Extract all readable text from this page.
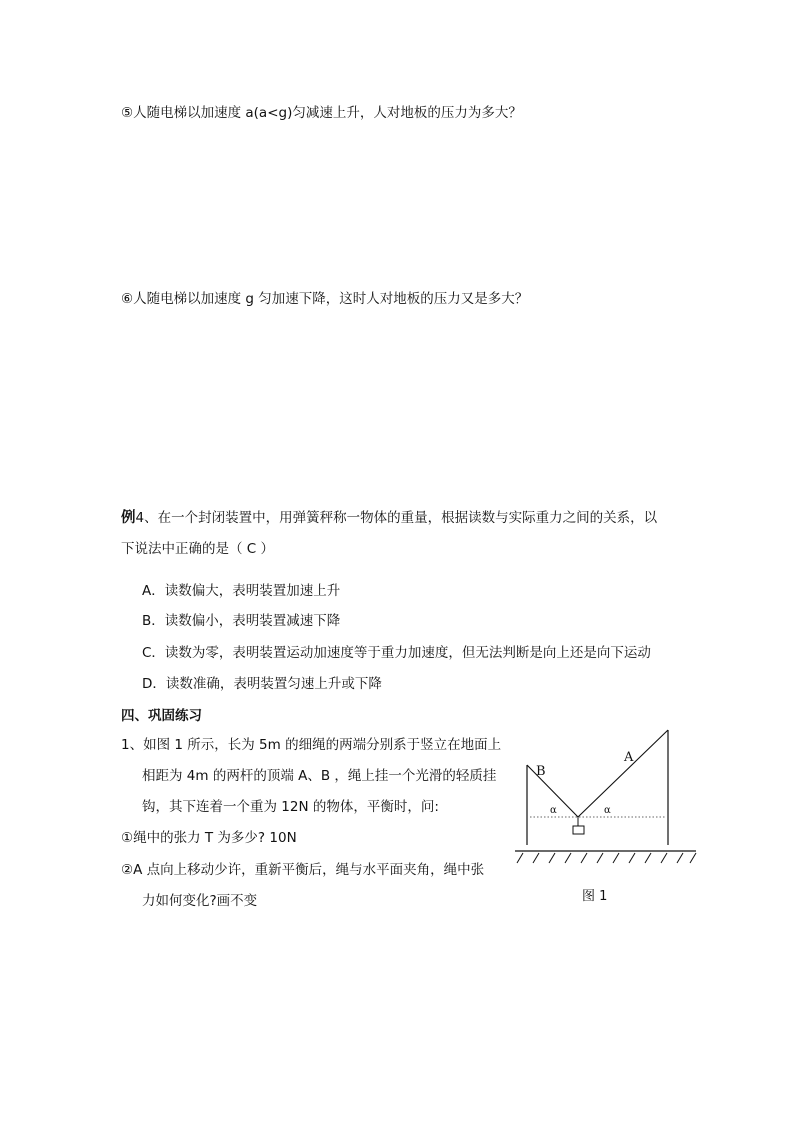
⑤人随电梯以加速度 a(a<g)匀减速上升，人对地板的压力为多大？
⑥人随电梯以加速度 g 匀加速下降，这时人对地板的压力又是多大？
例4、在一个封闭装置中，用弹簧秤称一物体的重量，根据读数与实际重力之间的关系，以
下说法中正确的是（ C ）
A．读数偏大，表明装置加速上升
B．读数偏小，表明装置减速下降
C．读数为零，表明装置运动加速度等于重力加速度，但无法判断是向上还是向下运动
D．读数准确，表明装置匀速上升或下降
四、巩固练习
1、如图 1 所示，长为 5m 的细绳的两端分别系于竖立在地面上
相距为 4m 的两杆的顶端 A、B ，绳上挂一个光滑的轻质挂
钩，其下连着一个重为 12N 的物体，平衡时，问:
①绳中的张力 T 为多少? 10N
②A 点向上移动少许，重新平衡后，绳与水平面夹角，绳中张
力如何变化?画不变
B
A
α	α
图 1
